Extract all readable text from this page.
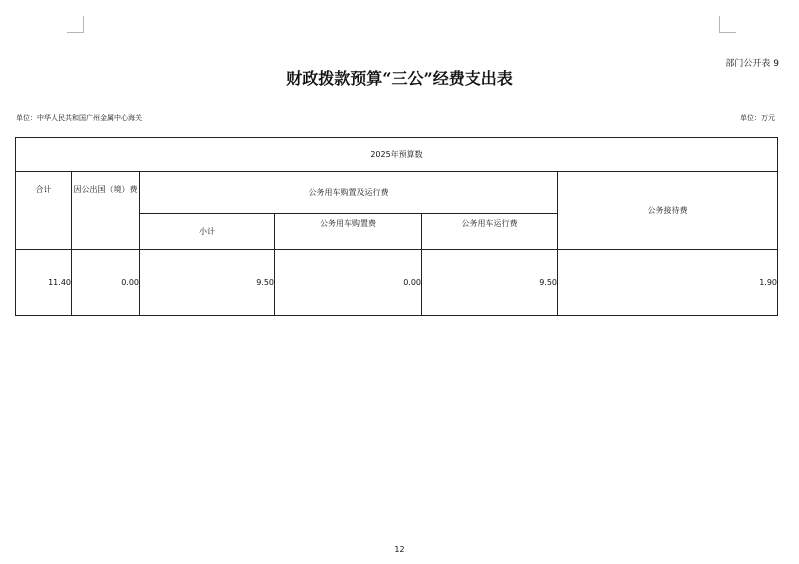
部门公开表 9
财政拨款预算“三公”经费支出表
单位：中华人民共和国广州金属中心海关	单位：万元
2025年预算数					
合计	因公出国（境）费	公务用车购置及运行费			公务接待费
		小计	公务用车购置费	公务用车运行费	
11.40	0.00	9.50	0.00	9.50	1.90
12
